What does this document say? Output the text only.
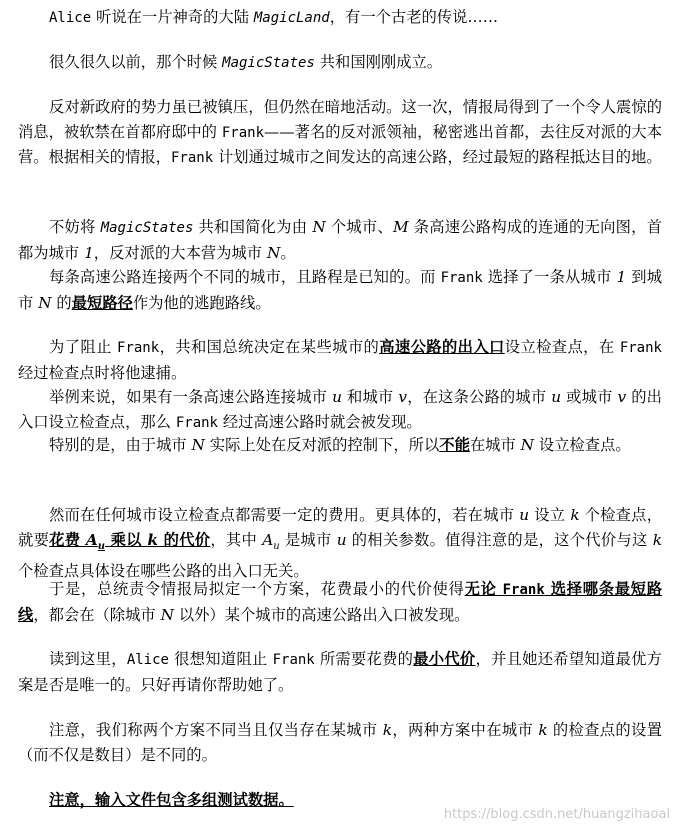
Alice 听说在一片神奇的大陆 MagicLand，有一个古老的传说……
很久很久以前，那个时候 MagicStates 共和国刚刚成立。
反对新政府的势力虽已被镇压，但仍然在暗地活动。这一次，情报局得到了一个令人震惊的消息，被软禁在首都府邸中的 Frank——著名的反对派领袖，秘密逃出首都，去往反对派的大本营。根据相关的情报，Frank 计划通过城市之间发达的高速公路，经过最短的路程抵达目的地。
不妨将 MagicStates 共和国简化为由 N 个城市、M 条高速公路构成的连通的无向图，首都为城市 1，反对派的大本营为城市 N。
每条高速公路连接两个不同的城市，且路程是已知的。而 Frank 选择了一条从城市 1 到城市 N 的最短路径作为他的逃跑路线。
为了阻止 Frank，共和国总统决定在某些城市的高速公路的出入口设立检查点，在 Frank 经过检查点时将他逮捕。
举例来说，如果有一条高速公路连接城市 u 和城市 v，在这条公路的城市 u 或城市 v 的出入口设立检查点，那么 Frank 经过高速公路时就会被发现。
特别的是，由于城市 N 实际上处在反对派的控制下，所以不能在城市 N 设立检查点。
然而在任何城市设立检查点都需要一定的费用。更具体的，若在城市 u 设立 k 个检查点，就要花费 $A_u$ 乘以 k 的代价，其中 $A_u$ 是城市 u 的相关参数。值得注意的是，这个代价与这 k 个检查点具体设在哪些公路的出入口无关。
于是，总统责令情报局拟定一个方案，花费最小的代价使得无论 Frank 选择哪条最短路线，都会在（除城市 N 以外）某个城市的高速公路出入口被发现。
读到这里，Alice 很想知道阻止 Frank 所需要花费的最小代价，并且她还希望知道最优方案是否是唯一的。只好再请你帮助她了。
注意，我们称两个方案不同当且仅当存在某城市 k，两种方案中在城市 k 的检查点的设置（而不仅是数目）是不同的。
注意，输入文件包含多组测试数据。
https://blog.csdn.net/huangzihaoal
